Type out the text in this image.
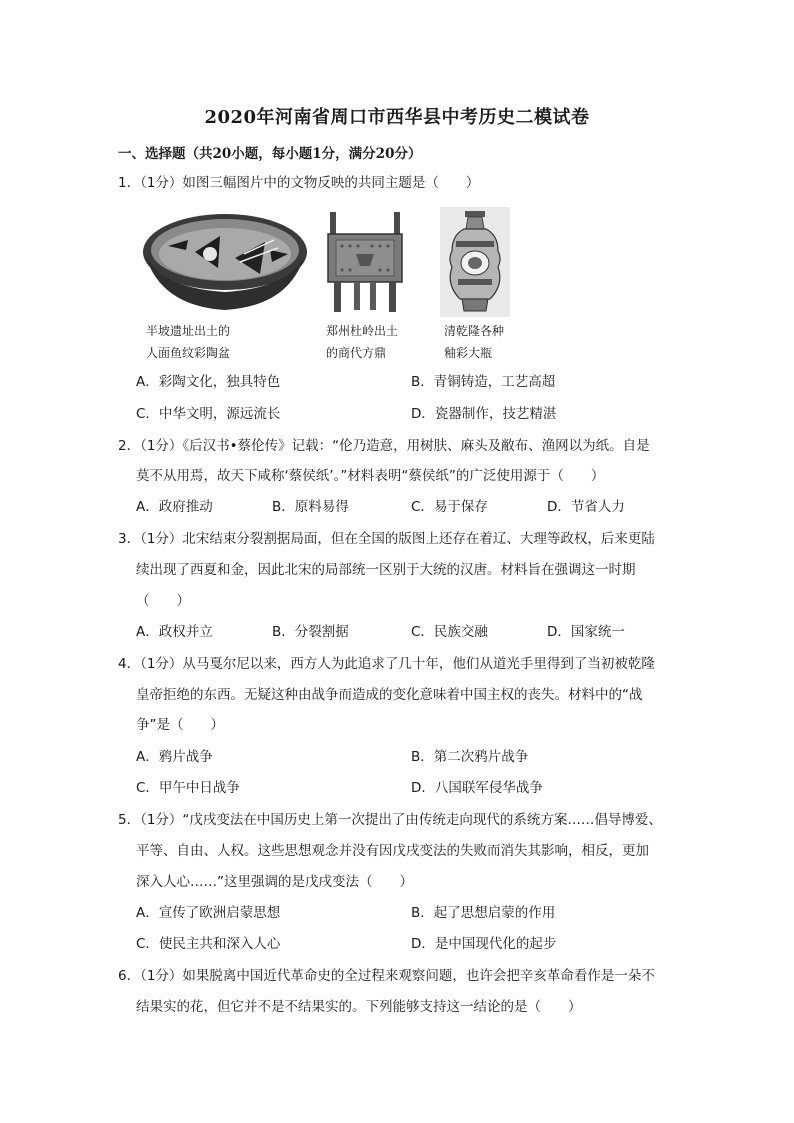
2020年河南省周口市西华县中考历史二模试卷
一、选择题（共20小题，每小题1分，满分20分）
1．（1分）如图三幅图片中的文物反映的共同主题是（　　）
半坡遗址出土的
人面鱼纹彩陶盆
郑州杜岭出土
的商代方鼎
清乾隆各种
釉彩大瓶
A．彩陶文化，独具特色	B．青铜铸造，工艺高超
C．中华文明，源远流长	D．瓷器制作，技艺精湛
2．（1分）《后汉书•蔡伦传》记载：“伦乃造意，用树肤、麻头及敝布、渔网以为纸。自是
莫不从用焉，故天下咸称‘蔡侯纸’。”材料表明“蔡侯纸”的广泛使用源于（　　）
A．政府推动	B．原料易得	C．易于保存	D．节省人力
3．（1分）北宋结束分裂割据局面，但在全国的版图上还存在着辽、大理等政权，后来更陆
续出现了西夏和金，因此北宋的局部统一区别于大统的汉唐。材料旨在强调这一时期
（　　）
A．政权并立	B．分裂割据	C．民族交融	D．国家统一
4．（1分）从马戛尔尼以来，西方人为此追求了几十年，他们从道光手里得到了当初被乾隆
皇帝拒绝的东西。无疑这种由战争而造成的变化意味着中国主权的丧失。材料中的“战
争”是（　　）
A．鸦片战争	B．第二次鸦片战争
C．甲午中日战争	D．八国联军侵华战争
5．（1分）“戊戌变法在中国历史上第一次提出了由传统走向现代的系统方案……倡导博爱、
平等、自由、人权。这些思想观念并没有因戊戌变法的失败而消失其影响，相反，更加
深入人心……”这里强调的是戊戌变法（　　）
A．宣传了欧洲启蒙思想	B．起了思想启蒙的作用
C．使民主共和深入人心	D．是中国现代化的起步
6．（1分）如果脱离中国近代革命史的全过程来观察问题，也许会把辛亥革命看作是一朵不
结果实的花，但它并不是不结果实的。下列能够支持这一结论的是（　　）
